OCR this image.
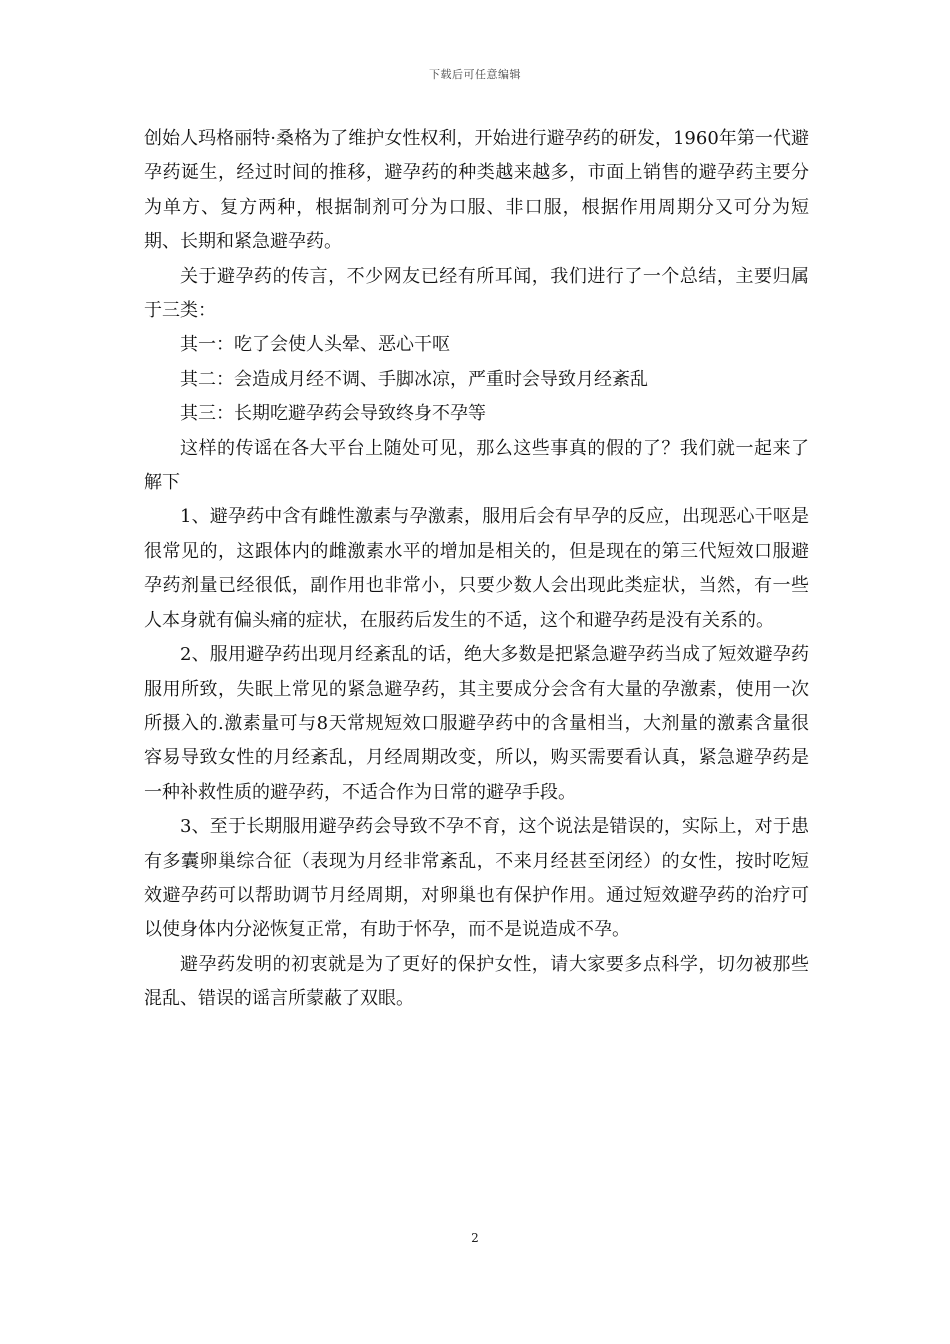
下载后可任意编辑

创始人玛格丽特·桑格为了维护女性权利，开始进行避孕药的研发，1960年第一代避孕药诞生，经过时间的推移，避孕药的种类越来越多，市面上销售的避孕药主要分为单方、复方两种，根据制剂可分为口服、非口服，根据作用周期分又可分为短期、长期和紧急避孕药。

关于避孕药的传言，不少网友已经有所耳闻，我们进行了一个总结，主要归属于三类：

其一：吃了会使人头晕、恶心干呕

其二：会造成月经不调、手脚冰凉，严重时会导致月经紊乱

其三：长期吃避孕药会导致终身不孕等

这样的传谣在各大平台上随处可见，那么这些事真的假的了？我们就一起来了解下

1、避孕药中含有雌性激素与孕激素，服用后会有早孕的反应，出现恶心干呕是很常见的，这跟体内的雌激素水平的增加是相关的，但是现在的第三代短效口服避孕药剂量已经很低，副作用也非常小，只要少数人会出现此类症状，当然，有一些人本身就有偏头痛的症状，在服药后发生的不适，这个和避孕药是没有关系的。

2、服用避孕药出现月经紊乱的话，绝大多数是把紧急避孕药当成了短效避孕药服用所致，失眠上常见的紧急避孕药，其主要成分会含有大量的孕激素，使用一次所摄入的.激素量可与8天常规短效口服避孕药中的含量相当，大剂量的激素含量很容易导致女性的月经紊乱，月经周期改变，所以，购买需要看认真，紧急避孕药是一种补救性质的避孕药，不适合作为日常的避孕手段。

3、至于长期服用避孕药会导致不孕不育，这个说法是错误的，实际上，对于患有多囊卵巢综合征（表现为月经非常紊乱，不来月经甚至闭经）的女性，按时吃短效避孕药可以帮助调节月经周期，对卵巢也有保护作用。通过短效避孕药的治疗可以使身体内分泌恢复正常，有助于怀孕，而不是说造成不孕。

避孕药发明的初衷就是为了更好的保护女性，请大家要多点科学，切勿被那些混乱、错误的谣言所蒙蔽了双眼。

2
